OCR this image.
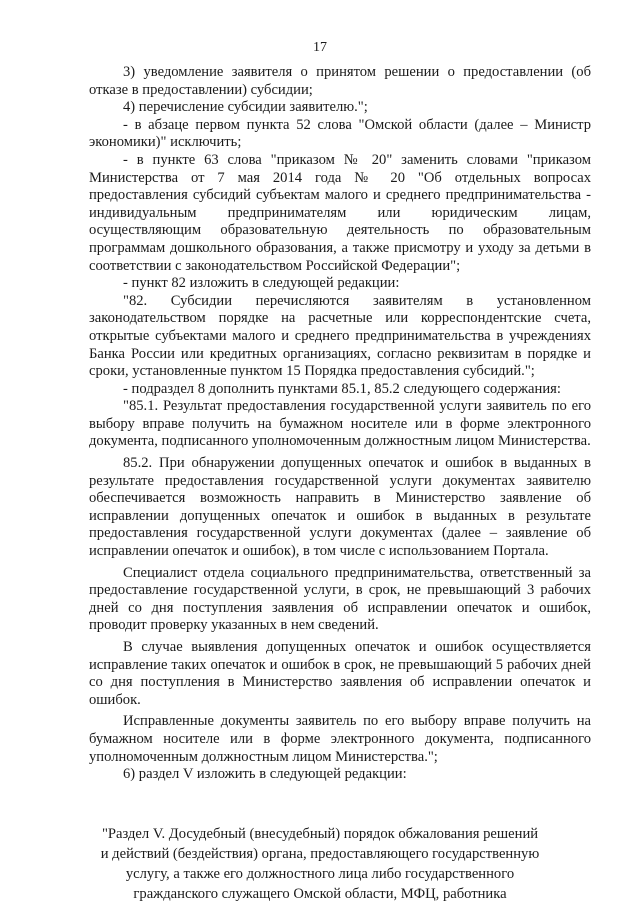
17

3) уведомление заявителя о принятом решении о предоставлении (об отказе в предоставлении) субсидии;

4) перечисление субсидии заявителю.";

- в абзаце первом пункта 52 слова "Омской области (далее – Министр экономики)" исключить;

- в пункте 63 слова "приказом № 20" заменить словами "приказом Министерства от 7 мая 2014 года № 20 "Об отдельных вопросах предоставления субсидий субъектам малого и среднего предпринимательства - индивидуальным предпринимателям или юридическим лицам, осуществляющим образовательную деятельность по образовательным программам дошкольного образования, а также присмотру и уходу за детьми в соответствии с законодательством Российской Федерации";

- пункт 82 изложить в следующей редакции:

"82. Субсидии перечисляются заявителям в установленном законодательством порядке на расчетные или корреспондентские счета, открытые субъектами малого и среднего предпринимательства в учреждениях Банка России или кредитных организациях, согласно реквизитам в порядке и сроки, установленные пунктом 15 Порядка предоставления субсидий.";

- подраздел 8 дополнить пунктами 85.1, 85.2 следующего содержания:

"85.1. Результат предоставления государственной услуги заявитель по его выбору вправе получить на бумажном носителе или в форме электронного документа, подписанного уполномоченным должностным лицом Министерства.

85.2. При обнаружении допущенных опечаток и ошибок в выданных в результате предоставления государственной услуги документах заявителю обеспечивается возможность направить в Министерство заявление об исправлении допущенных опечаток и ошибок в выданных в результате предоставления государственной услуги документах (далее – заявление об исправлении опечаток и ошибок), в том числе с использованием Портала.

Специалист отдела социального предпринимательства, ответственный за предоставление государственной услуги, в срок, не превышающий 3 рабочих дней со дня поступления заявления об исправлении опечаток и ошибок, проводит проверку указанных в нем сведений.

В случае выявления допущенных опечаток и ошибок осуществляется исправление таких опечаток и ошибок в срок, не превышающий 5 рабочих дней со дня поступления в Министерство заявления об исправлении опечаток и ошибок.

Исправленные документы заявитель по его выбору вправе получить на бумажном носителе или в форме электронного документа, подписанного уполномоченным должностным лицом Министерства.";

6) раздел V изложить в следующей редакции:

"Раздел V. Досудебный (внесудебный) порядок обжалования решений

и действий (бездействия) органа, предоставляющего государственную

услугу, а также его должностного лица либо государственного

гражданского служащего Омской области, МФЦ, работника
